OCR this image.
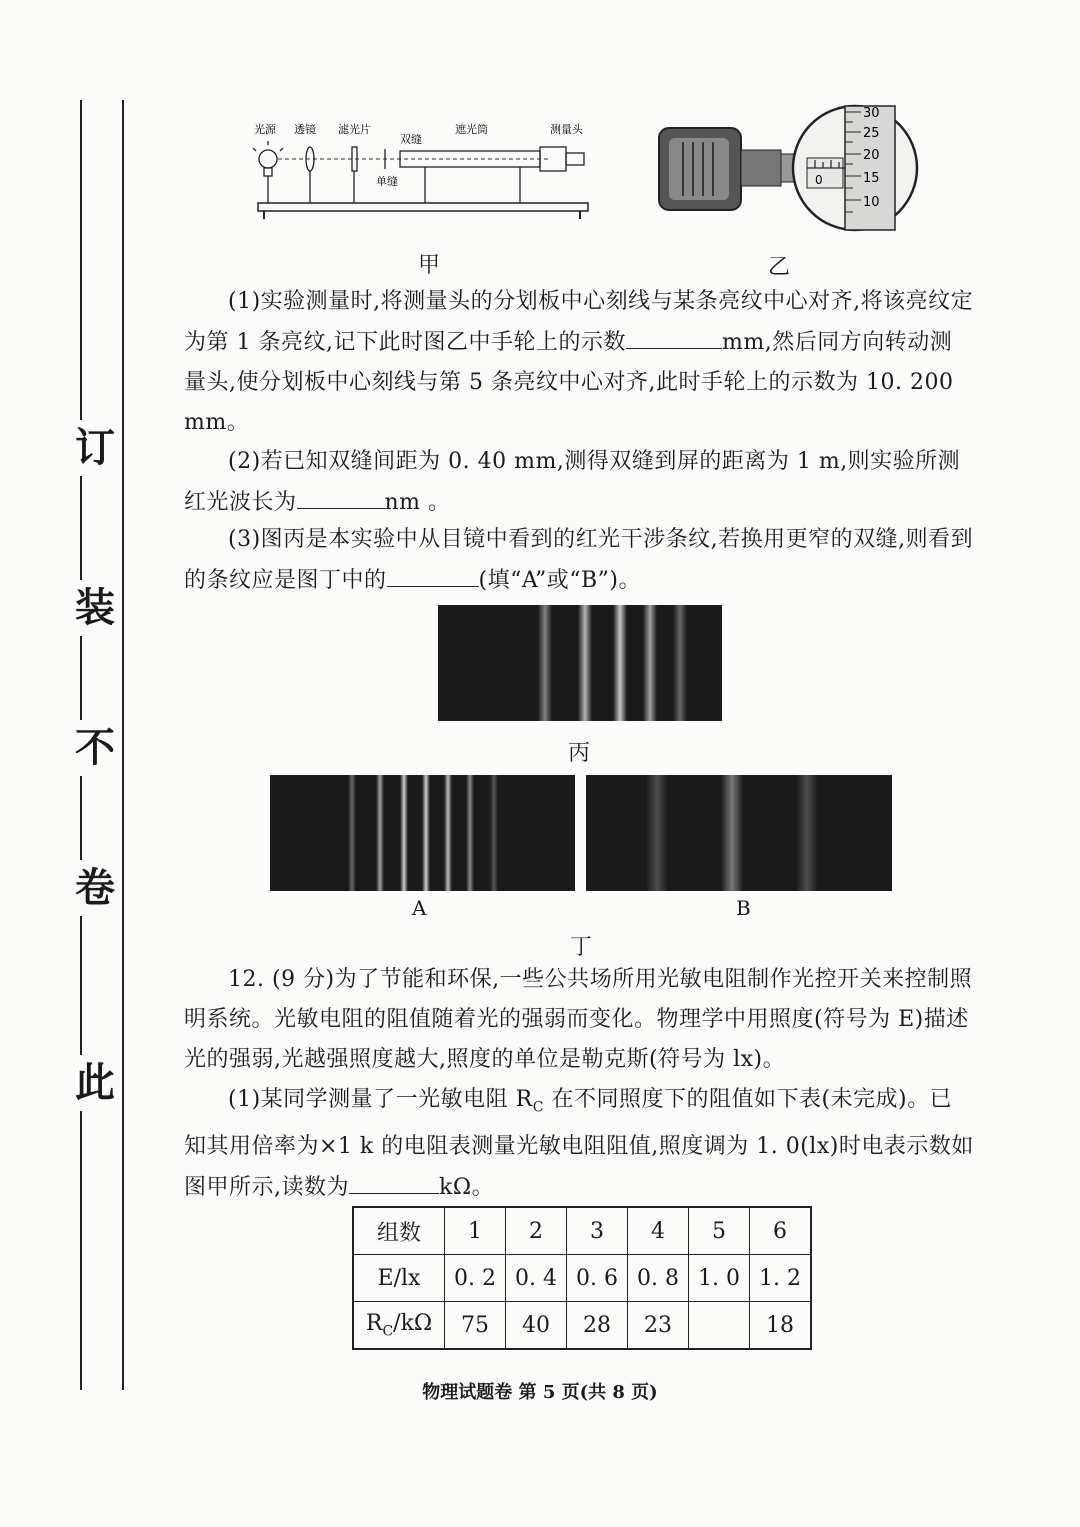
此
卷
不
装
订
光源 透镜 滤光片
双缝
遮光筒	测量头
单缝
甲
30
25
20
15
10
0
乙

(1)实验测量时,将测量头的分划板中心刻线与某条亮纹中心对齐,将该亮纹定为第 1 条亮纹,记下此时图乙中手轮上的示数	mm,然后同方向转动测量头,使分划板中心刻线与第 5 条亮纹中心对齐,此时手轮上的示数为 10. 200 mm。

(2)若已知双缝间距为 0. 40 mm,测得双缝到屏的距离为 1 m,则实验所测红光波长为	nm 。

(3)图丙是本实验中从目镜中看到的红光干涉条纹,若换用更窄的双缝,则看到的条纹应是图丁中的	(填“A”或“B”)。

丙
A	B
丁

12. (9 分)为了节能和环保,一些公共场所用光敏电阻制作光控开关来控制照明系统。光敏电阻的阻值随着光的强弱而变化。物理学中用照度(符号为 E)描述光的强弱,光越强照度越大,照度的单位是勒克斯(符号为 lx)。

(1)某同学测量了一光敏电阻 $R_C$ 在不同照度下的阻值如下表(未完成)。已知其用倍率为×1 k 的电阻表测量光敏电阻阻值,照度调为 1. 0(lx)时电表示数如图甲所示,读数为	kΩ。

组数	1	2	3	4	5	6
E/lx	0. 2	0. 4	0. 6	0. 8	1. 0	1. 2
$R_C/k\Omega$	75	40	28	23		18
物理试题卷 第 5 页(共 8 页)
